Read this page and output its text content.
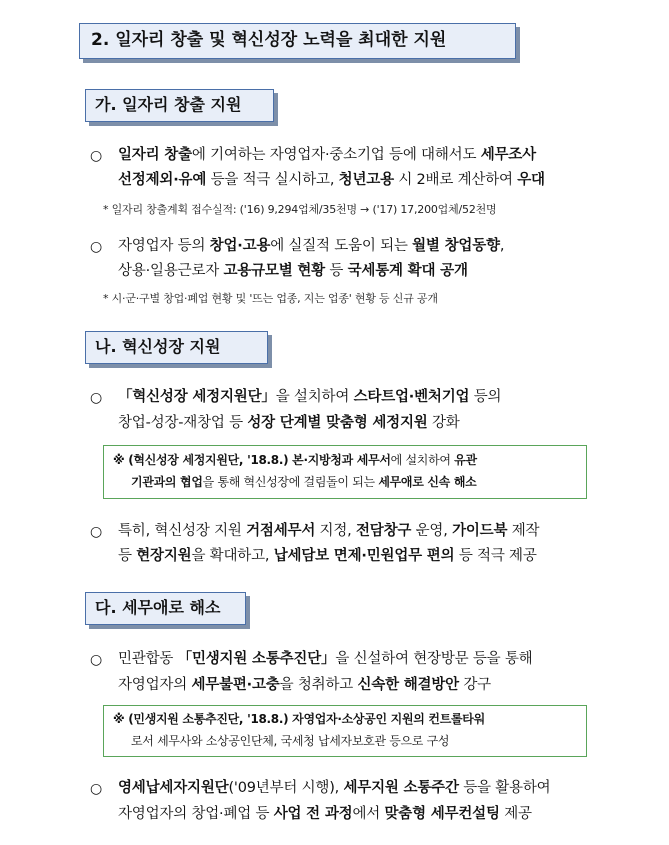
2. 일자리 창출 및 혁신성장 노력을 최대한 지원
가. 일자리 창출 지원
○	일자리 창출에 기여하는 자영업자·중소기업 등에 대해서도 세무조사
선정제외·유예 등을 적극 실시하고, 청년고용 시 2배로 계산하여 우대
* 일자리 창출계획 접수실적: ('16) 9,294업체/35천명 → ('17) 17,200업체/52천명
○	자영업자 등의 창업·고용에 실질적 도움이 되는 월별 창업동향,
상용·일용근로자 고용규모별 현황 등 국세통계 확대 공개
* 시·군·구별 창업·폐업 현황 및 '뜨는 업종, 지는 업종' 현황 등 신규 공개
나. 혁신성장 지원
○	「혁신성장 세정지원단」을 설치하여 스타트업·벤처기업 등의
창업-성장-재창업 등 성장 단계별 맞춤형 세정지원 강화
※ (혁신성장 세정지원단, '18.8.) 본·지방청과 세무서에 설치하여 유관
기관과의 협업을 통해 혁신성장에 걸림돌이 되는 세무애로 신속 해소
○	특히, 혁신성장 지원 거점세무서 지정, 전담창구 운영, 가이드북 제작
등 현장지원을 확대하고, 납세담보 면제·민원업무 편의 등 적극 제공
다. 세무애로 해소
○	민관합동 「민생지원 소통추진단」을 신설하여 현장방문 등을 통해
자영업자의 세무불편·고충을 청취하고 신속한 해결방안 강구
※ (민생지원 소통추진단, '18.8.) 자영업자·소상공인 지원의 컨트롤타워
로서 세무사와 소상공인단체, 국세청 납세자보호관 등으로 구성
○	영세납세자지원단('09년부터 시행), 세무지원 소통주간 등을 활용하여
자영업자의 창업·폐업 등 사업 전 과정에서 맞춤형 세무컨설팅 제공
